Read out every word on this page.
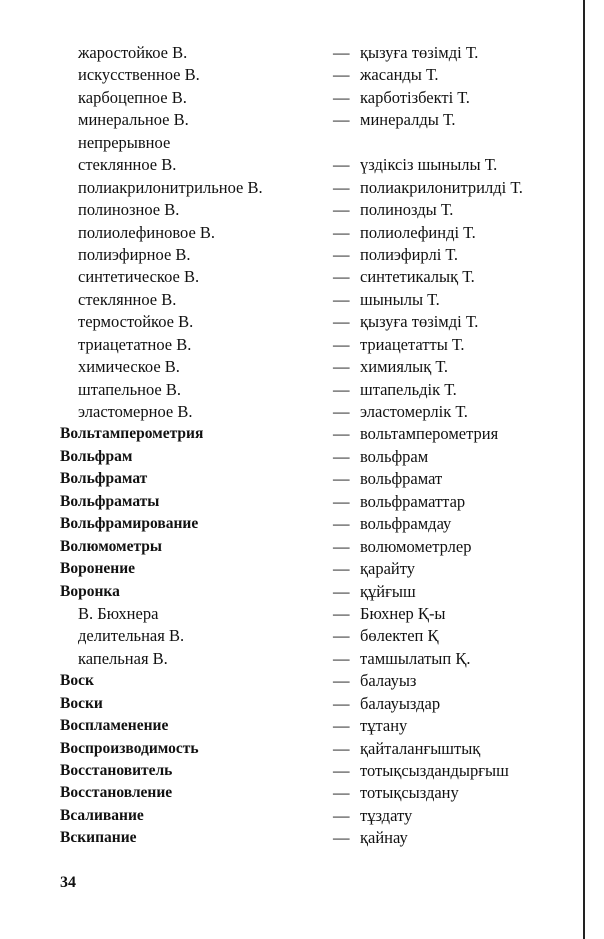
жаростойкое В.	— қызуға төзімді Т.
искусственное В.	— жасанды Т.
карбоцепное В.	— карботізбекті Т.
минеральное В.	— минералды Т.
непрерывное
стеклянное В.	— үздіксіз шынылы Т.
полиакрилонитрильное В.	— полиакрилонитрилді Т.
полинозное В.	— полинозды Т.
полиолефиновое В.	— полиолефинді Т.
полиэфирное В.	— полиэфирлі Т.
синтетическое В.	— синтетикалық Т.
стеклянное В.	— шынылы Т.
термостойкое В.	— қызуға төзімді Т.
триацетатное В.	— триацетатты Т.
химическое В.	— химиялық Т.
штапельное В.	— штапельдік Т.
эластомерное В.	— эластомерлік Т.
Вольтамперометрия	— вольтамперометрия
Вольфрам	— вольфрам
Вольфрамат	— вольфрамат
Вольфраматы	— вольфраматтар
Вольфрамирование	— вольфрамдау
Волюмометры	— волюмометрлер
Воронение	— қарайту
Воронка	— құйғыш
В. Бюхнера	— Бюхнер Қ-ы
делительная В.	— бөлектеп Қ
капельная В.	— тамшылатып Қ.
Воск	— балауыз
Воски	— балауыздар
Воспламенение	— тұтану
Воспроизводимость	— қайталанғыштық
Восстановитель	— тотықсыздандырғыш
Восстановление	— тотықсыздану
Всаливание	— тұздату
Вскипание	— қайнау
34
